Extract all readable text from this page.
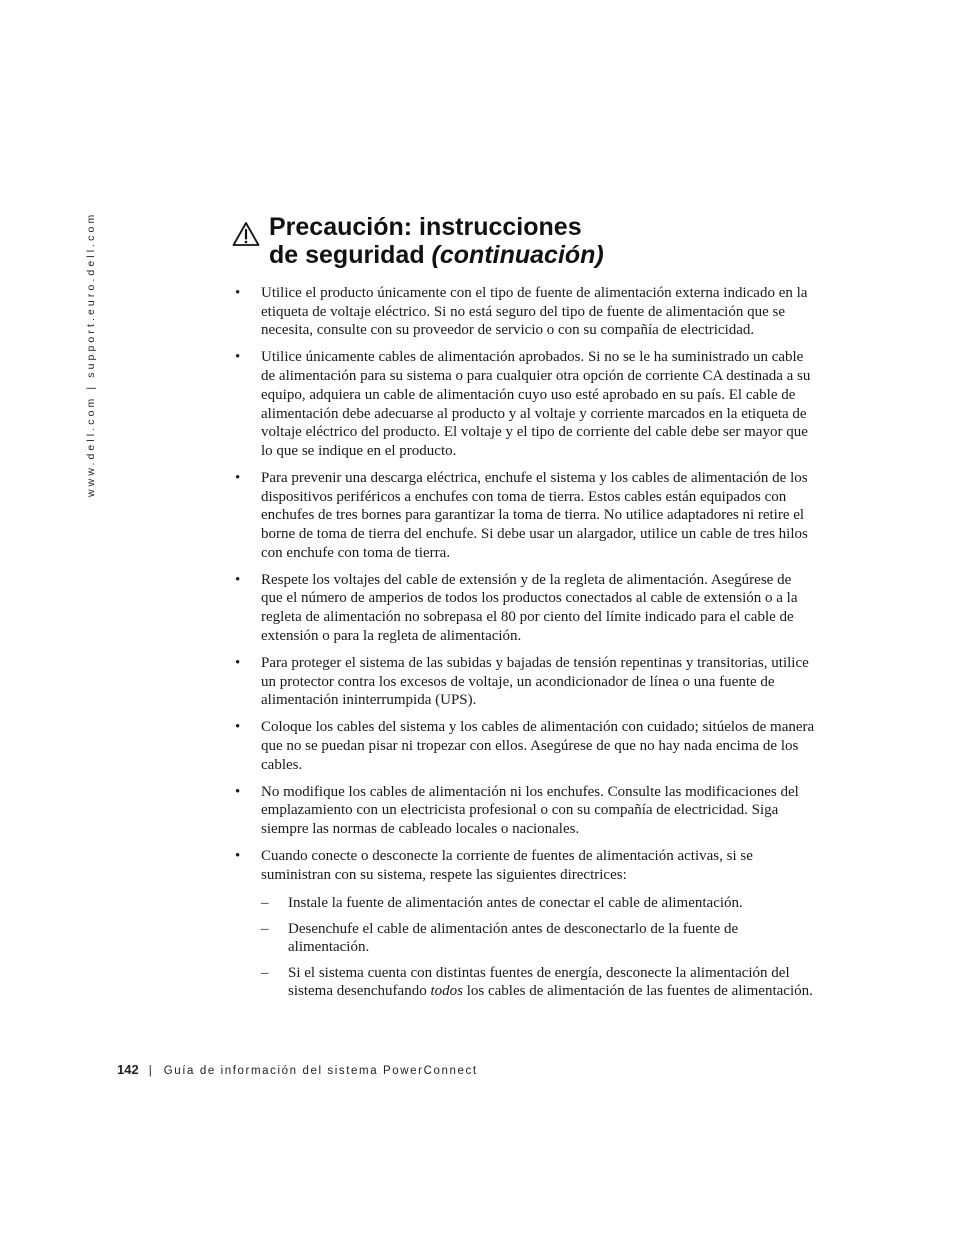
www.dell.com | support.euro.dell.com	Precaución: instrucciones
de seguridad (continuación)
• Utilice el producto únicamente con el tipo de fuente de alimentación externa indicado en la etiqueta de voltaje eléctrico. Si no está seguro del tipo de fuente de alimentación que se necesita, consulte con su proveedor de servicio o con su compañía de electricidad.
• Utilice únicamente cables de alimentación aprobados. Si no se le ha suministrado un cable de alimentación para su sistema o para cualquier otra opción de corriente CA destinada a su equipo, adquiera un cable de alimentación cuyo uso esté aprobado en su país. El cable de alimentación debe adecuarse al producto y al voltaje y corriente marcados en la etiqueta de voltaje eléctrico del producto. El voltaje y el tipo de corriente del cable debe ser mayor que lo que se indique en el producto.
• Para prevenir una descarga eléctrica, enchufe el sistema y los cables de alimentación de los dispositivos periféricos a enchufes con toma de tierra. Estos cables están equipados con enchufes de tres bornes para garantizar la toma de tierra. No utilice adaptadores ni retire el borne de toma de tierra del enchufe. Si debe usar un alargador, utilice un cable de tres hilos con enchufe con toma de tierra.
• Respete los voltajes del cable de extensión y de la regleta de alimentación. Asegúrese de que el número de amperios de todos los productos conectados al cable de extensión o a la regleta de alimentación no sobrepasa el 80 por ciento del límite indicado para el cable de extensión o para la regleta de alimentación.
• Para proteger el sistema de las subidas y bajadas de tensión repentinas y transitorias, utilice un protector contra los excesos de voltaje, un acondicionador de línea o una fuente de alimentación ininterrumpida (UPS).
• Coloque los cables del sistema y los cables de alimentación con cuidado; sitúelos de manera que no se puedan pisar ni tropezar con ellos. Asegúrese de que no hay nada encima de los cables.
• No modifique los cables de alimentación ni los enchufes. Consulte las modificaciones del emplazamiento con un electricista profesional o con su compañía de electricidad. Siga siempre las normas de cableado locales o nacionales.
• Cuando conecte o desconecte la corriente de fuentes de alimentación activas, si se suministran con su sistema, respete las siguientes directrices:
– Instale la fuente de alimentación antes de conectar el cable de alimentación.
– Desenchufe el cable de alimentación antes de desconectarlo de la fuente de alimentación.
– Si el sistema cuenta con distintas fuentes de energía, desconecte la alimentación del sistema desenchufando todos los cables de alimentación de las fuentes de alimentación.
142 | Guía de información del sistema PowerConnect
